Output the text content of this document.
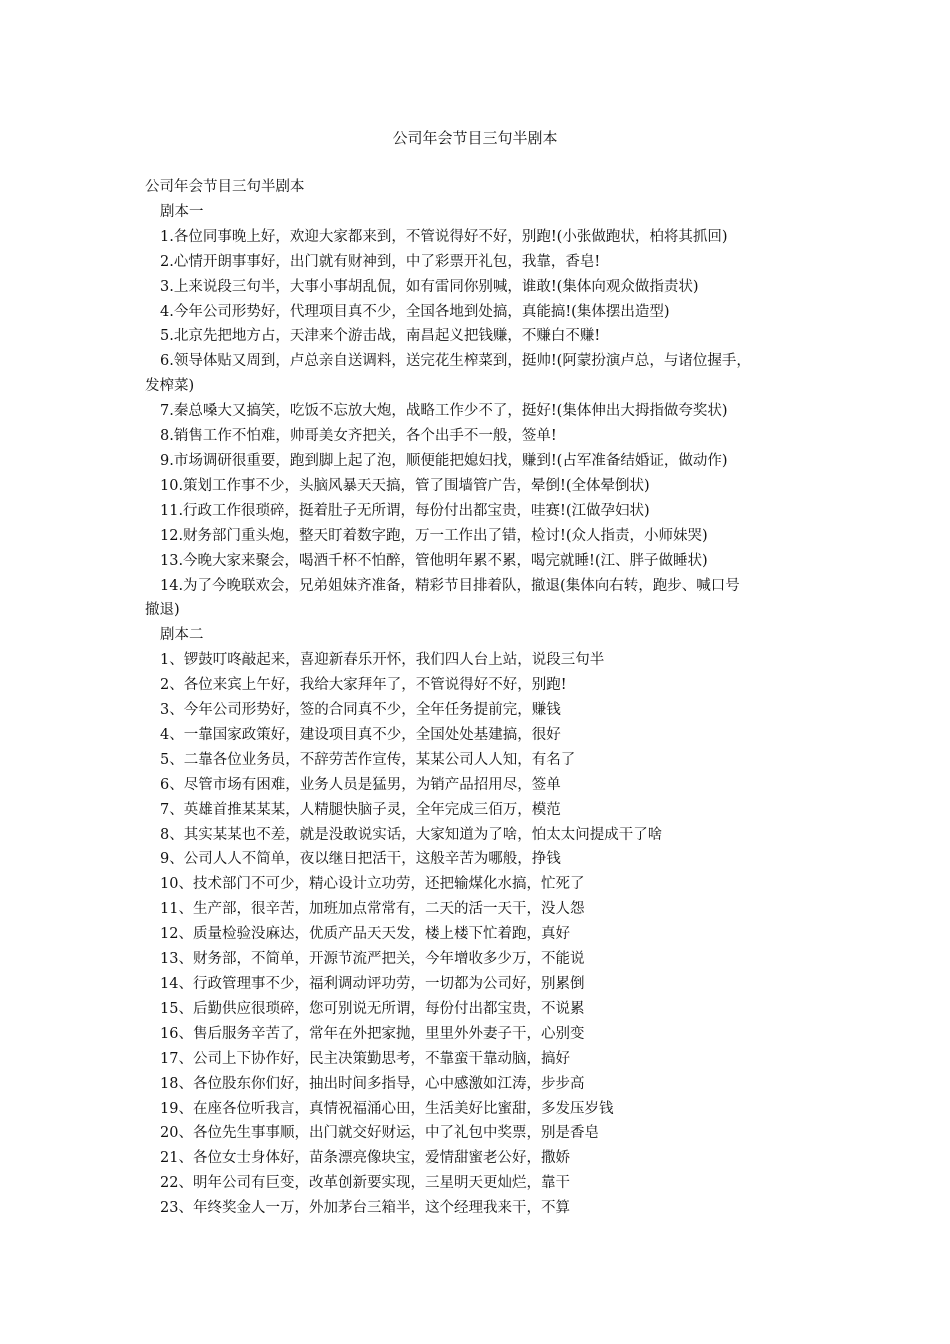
公司年会节目三句半剧本
公司年会节目三句半剧本
剧本一
1.各位同事晚上好，欢迎大家都来到，不管说得好不好，别跑!(小张做跑状，柏将其抓回)
2.心情开朗事事好，出门就有财神到，中了彩票开礼包，我靠，香皂!
3.上来说段三句半，大事小事胡乱侃，如有雷同你别喊，谁敢!(集体向观众做指责状)
4.今年公司形势好，代理项目真不少，全国各地到处搞，真能搞!(集体摆出造型)
5.北京先把地方占，天津来个游击战，南昌起义把钱赚，不赚白不赚!
6.领导体贴又周到，卢总亲自送调料，送完花生榨菜到，挺帅!(阿蒙扮演卢总，与诸位握手，
发榨菜)
7.秦总嗓大又搞笑，吃饭不忘放大炮，战略工作少不了，挺好!(集体伸出大拇指做夸奖状)
8.销售工作不怕难，帅哥美女齐把关，各个出手不一般，签单!
9.市场调研很重要，跑到脚上起了泡，顺便能把媳妇找，赚到!(占军准备结婚证，做动作)
10.策划工作事不少，头脑风暴天天搞，管了围墙管广告，晕倒!(全体晕倒状)
11.行政工作很琐碎，挺着肚子无所谓，每份付出都宝贵，哇赛!(江做孕妇状)
12.财务部门重头炮，整天盯着数字跑，万一工作出了错，检讨!(众人指责，小师妹哭)
13.今晚大家来聚会，喝酒千杯不怕醉，管他明年累不累，喝完就睡!(江、胖子做睡状)
14.为了今晚联欢会，兄弟姐妹齐准备，精彩节目排着队，撤退(集体向右转，跑步、喊口号
撤退)
剧本二
1、锣鼓叮咚敲起来，喜迎新春乐开怀，我们四人台上站，说段三句半
2、各位来宾上午好，我给大家拜年了，不管说得好不好，别跑!
3、今年公司形势好，签的合同真不少，全年任务提前完，赚钱
4、一靠国家政策好，建设项目真不少，全国处处基建搞，很好
5、二靠各位业务员，不辞劳苦作宣传，某某公司人人知，有名了
6、尽管市场有困难，业务人员是猛男，为销产品招用尽，签单
7、英雄首推某某某，人精腿快脑子灵，全年完成三佰万，模范
8、其实某某也不差，就是没敢说实话，大家知道为了啥，怕太太问提成干了啥
9、公司人人不简单，夜以继日把活干，这般辛苦为哪般，挣钱
10、技术部门不可少，精心设计立功劳，还把输煤化水搞，忙死了
11、生产部，很辛苦，加班加点常常有，二天的活一天干，没人怨
12、质量检验没麻达，优质产品天天发，楼上楼下忙着跑，真好
13、财务部，不简单，开源节流严把关，今年增收多少万，不能说
14、行政管理事不少，福利调动评功劳，一切都为公司好，别累倒
15、后勤供应很琐碎，您可别说无所谓，每份付出都宝贵，不说累
16、售后服务辛苦了，常年在外把家抛，里里外外妻子干，心别变
17、公司上下协作好，民主决策勤思考，不靠蛮干靠动脑，搞好
18、各位股东你们好，抽出时间多指导，心中感激如江涛，步步高
19、在座各位听我言，真情祝福涌心田，生活美好比蜜甜，多发压岁钱
20、各位先生事事顺，出门就交好财运，中了礼包中奖票，别是香皂
21、各位女士身体好，苗条漂亮像块宝，爱情甜蜜老公好，撒娇
22、明年公司有巨变，改革创新要实现，三星明天更灿烂，靠干
23、年终奖金人一万，外加茅台三箱半，这个经理我来干，不算
